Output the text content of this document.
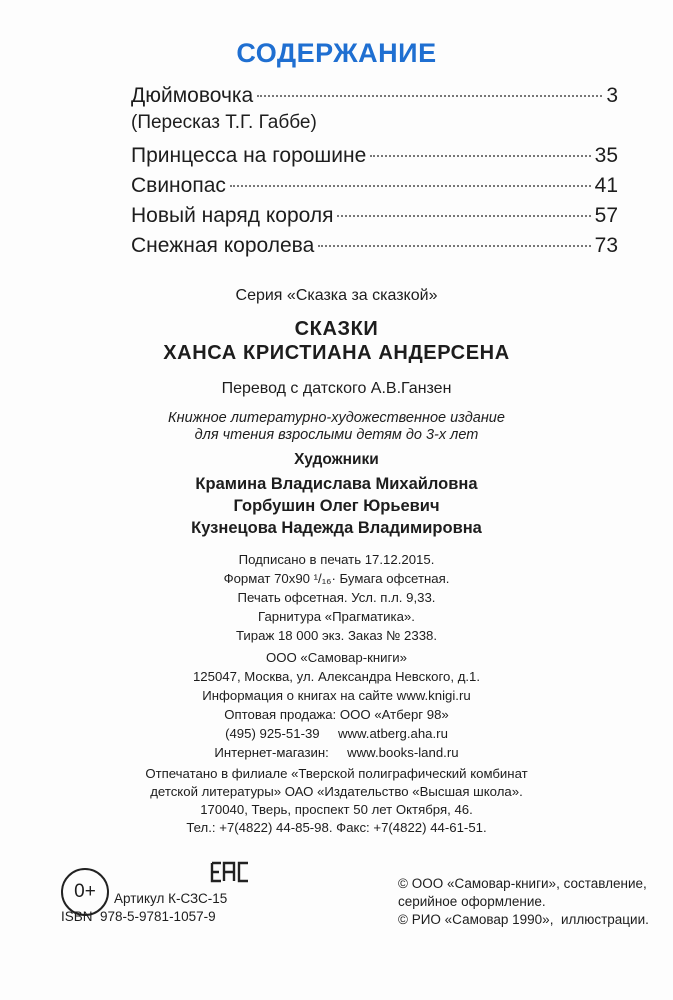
СОДЕРЖАНИЕ
Дюймовочка	3
(Пересказ Т.Г. Габбе)
Принцесса на горошине	35
Свинопас	41
Новый наряд короля	57
Снежная королева	73
Серия «Сказка за сказкой»
СКАЗКИ
ХАНСА КРИСТИАНА АНДЕРСЕНА
Перевод с датского А.В.Ганзен
Книжное литературно-художественное издание
для чтения взрослыми детям до 3-х лет
Художники
Крамина Владислава Михайловна
Горбушин Олег Юрьевич
Кузнецова Надежда Владимировна
Подписано в печать 17.12.2015.
Формат 70х90 ¹/₁₆· Бумага офсетная.
Печать офсетная. Усл. п.л. 9,33.
Гарнитура «Прагматика».
Тираж 18 000 экз. Заказ № 2338.
ООО «Самовар-книги»
125047, Москва, ул. Александра Невского, д.1.
Информация о книгах на сайте www.knigi.ru
Оптовая продажа: ООО «Атберг 98»
(495) 925-51-39     www.atberg.aha.ru
Интернет-магазин:     www.books-land.ru
Отпечатано в филиале «Тверской полиграфический комбинат
детской литературы» ОАО «Издательство «Высшая школа».
170040, Тверь, проспект 50 лет Октября, 46.
Тел.: +7(4822) 44-85-98. Факс: +7(4822) 44-61-51.
0+	Артикул К-СЗС-15
ISBN  978-5-9781-1057-9
© ООО «Самовар-книги», составление,
серийное оформление.
© РИО «Самовар 1990»,  иллюстрации.
